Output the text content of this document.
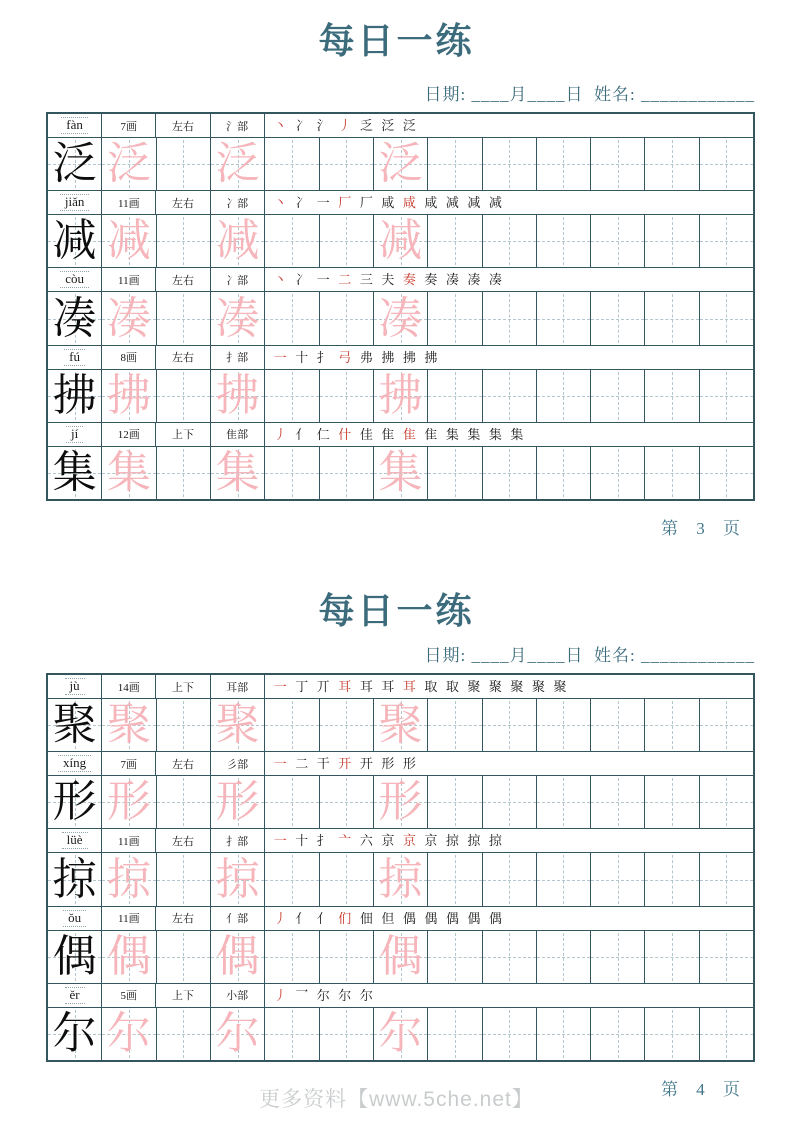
每日一练
日期: ____月____日  姓名: ____________
fàn	7画	左右	氵部	丶 冫 氵 丿 乏 泛 泛
泛 泛 泛	泛
jiǎn	11画	左右	冫部	丶 冫 一 厂 厂 咸 咸 咸 减 减 减
减 减 减	减
còu	11画	左右	冫部	丶 冫 一 二 三 夫 奏 奏 凑 凑 凑
凑 凑 凑	凑
fú	8画	左右	扌部	一 十 扌 弓 弗 拂 拂 拂
拂 拂 拂	拂
jí	12画	上下	隹部	丿 亻 仁 什 佳 隹 隹 隹 集 集 集 集
集 集 集	集
第 3 页
每日一练
日期: ____月____日  姓名: ____________
jù	14画	上下	耳部	一 丁 丌 耳 耳 耳 耳 取 取 聚 聚 聚 聚 聚
聚 聚 聚	聚
xíng	7画	左右	彡部	一 二 干 开 开 形 形
形 形 形	形
lüè	11画	左右	扌部	一 十 扌 亠 六 京 京 京 掠 掠 掠
掠 掠 掠	掠
ǒu	11画	左右	亻部	丿 亻 亻 们 佃 但 偶 偶 偶 偶 偶
偶 偶 偶	偶
ěr	5画	上下	小部	丿 乛 尔 尔 尔
尔 尔 尔	尔
第 4 页
更多资料【www.5che.net】
